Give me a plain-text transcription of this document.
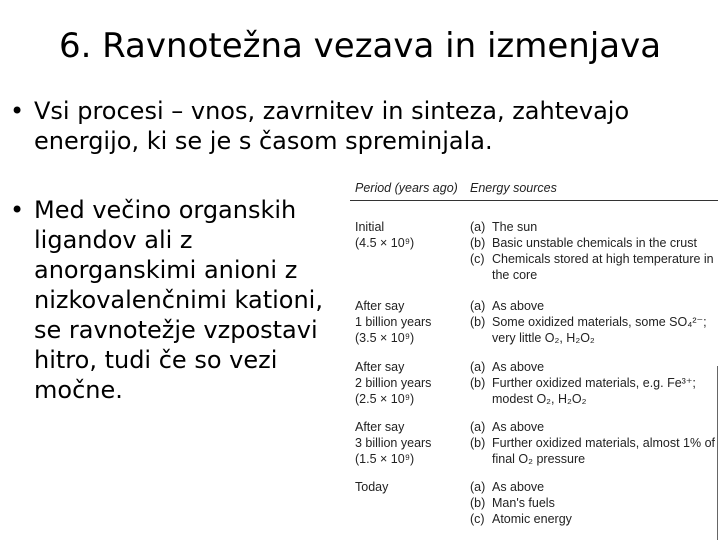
6. Ravnotežna vezava in izmenjava
• Vsi procesi – vnos, zavrnitev in sinteza, zahtevajo energijo, ki se je s časom spreminjala.
• Med večino organskih ligandov ali z anorganskimi anioni z nizkovalenčnimi kationi, se ravnotežje vzpostavi hitro, tudi če so vezi močne.
Period (years ago) Energy sources
Initial
(4.5 × 10⁹)
(a) The sun
(b) Basic unstable chemicals in the crust
(c) Chemicals stored at high temperature in the core
After say
1 billion years
(3.5 × 10⁹)
(a) As above
(b) Some oxidized materials, some SO₄²⁻; very little O₂, H₂O₂
After say
2 billion years
(2.5 × 10⁹)
(a) As above
(b) Further oxidized materials, e.g. Fe³⁺; modest O₂, H₂O₂
After say
3 billion years
(1.5 × 10⁹)
(a) As above
(b) Further oxidized materials, almost 1% of final O₂ pressure
Today	(a) As above
(b) Man's fuels
(c) Atomic energy
